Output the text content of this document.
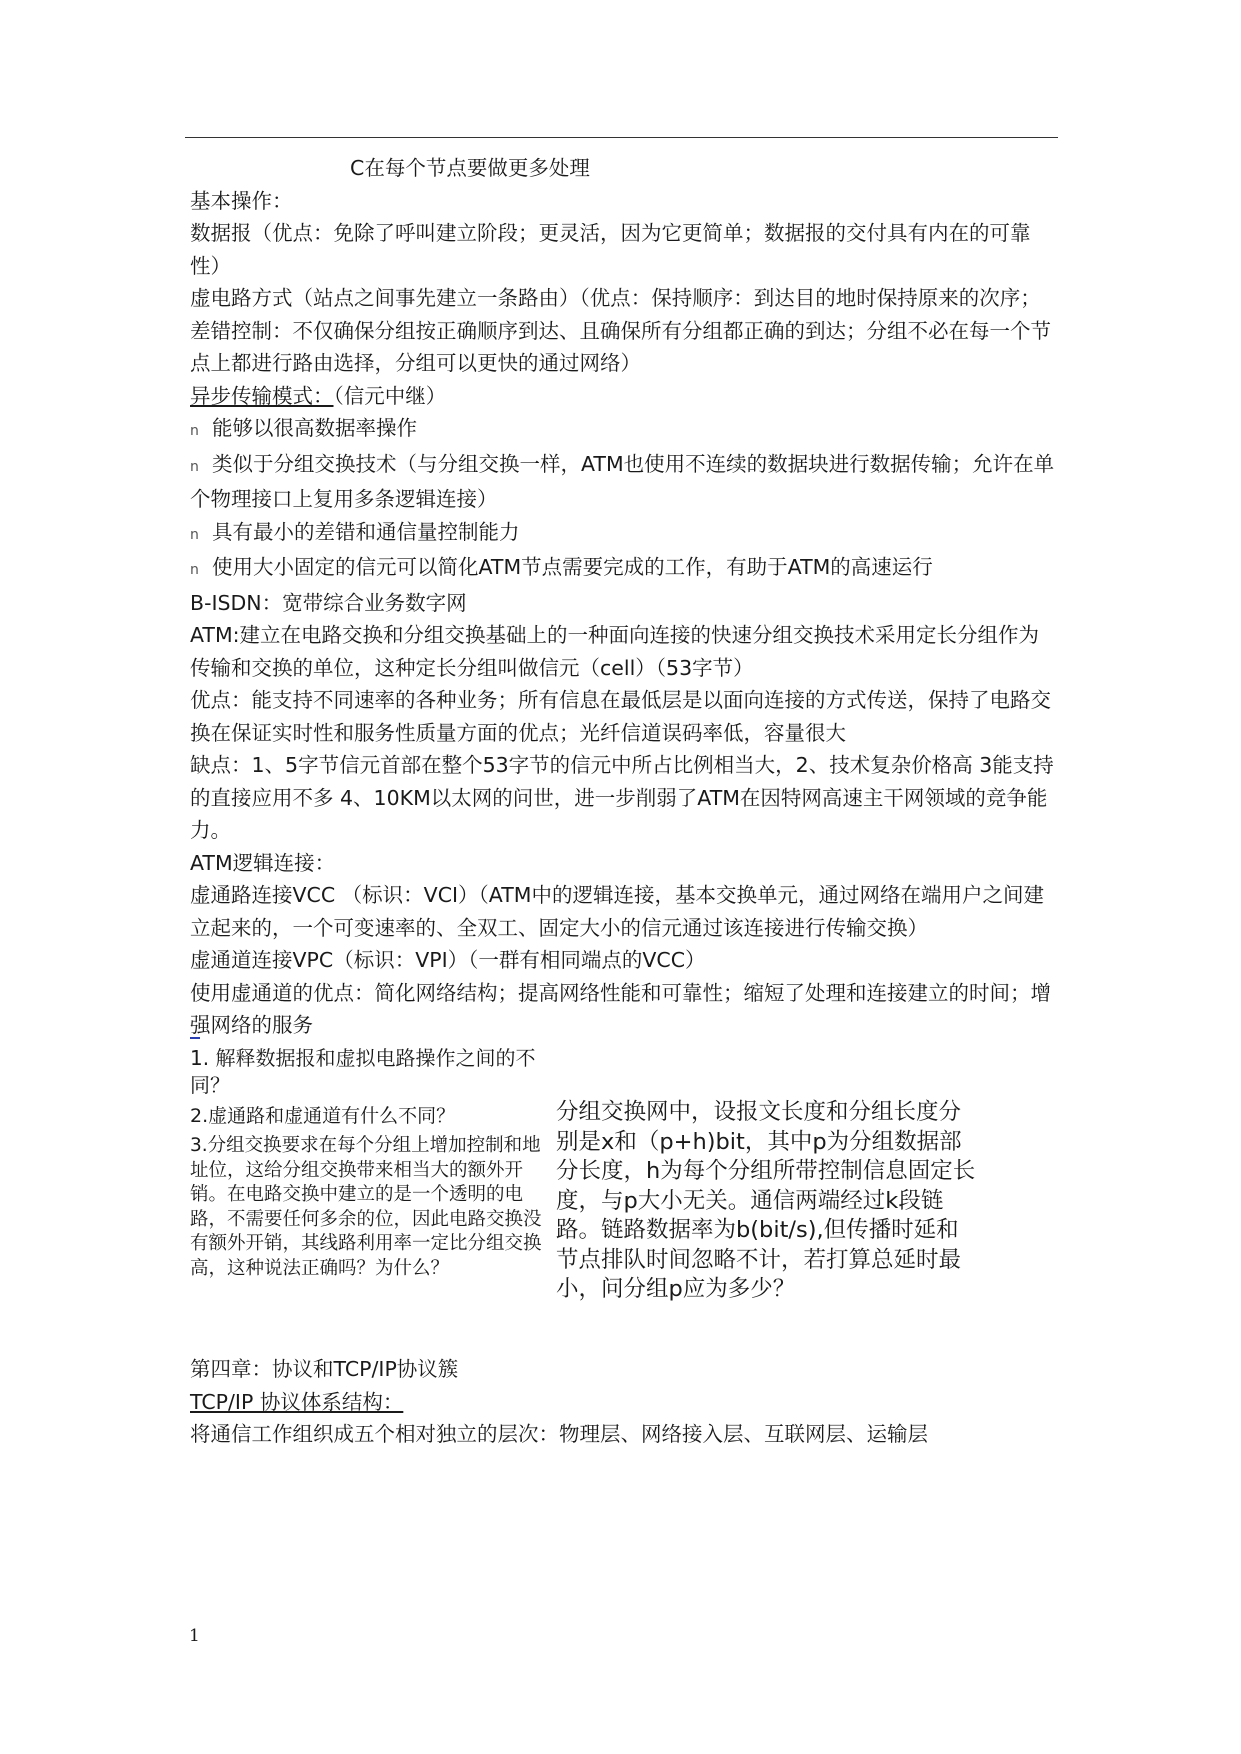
C在每个节点要做更多处理

基本操作：

数据报（优点：免除了呼叫建立阶段；更灵活，因为它更简单；数据报的交付具有内在的可靠性）

虚电路方式（站点之间事先建立一条路由）（优点：保持顺序：到达目的地时保持原来的次序；差错控制：不仅确保分组按正确顺序到达、且确保所有分组都正确的到达；分组不必在每一个节点上都进行路由选择，分组可以更快的通过网络）

异步传输模式：（信元中继）

n 能够以很高数据率操作

n 类似于分组交换技术（与分组交换一样，ATM也使用不连续的数据块进行数据传输；允许在单个物理接口上复用多条逻辑连接）

n 具有最小的差错和通信量控制能力

n 使用大小固定的信元可以简化ATM节点需要完成的工作，有助于ATM的高速运行

B-ISDN：宽带综合业务数字网

ATM:建立在电路交换和分组交换基础上的一种面向连接的快速分组交换技术采用定长分组作为传输和交换的单位，这种定长分组叫做信元（cell）（53字节）

优点：能支持不同速率的各种业务；所有信息在最低层是以面向连接的方式传送，保持了电路交换在保证实时性和服务性质量方面的优点；光纤信道误码率低，容量很大

缺点：1、5字节信元首部在整个53字节的信元中所占比例相当大，2、技术复杂价格高 3能支持的直接应用不多 4、10KM以太网的问世，进一步削弱了ATM在因特网高速主干网领域的竞争能力。

ATM逻辑连接：

虚通路连接VCC （标识：VCI）（ATM中的逻辑连接，基本交换单元，通过网络在端用户之间建立起来的，一个可变速率的、全双工、固定大小的信元通过该连接进行传输交换）

虚通道连接VPC（标识：VPI）（一群有相同端点的VCC）

使用虚通道的优点：简化网络结构；提高网络性能和可靠性；缩短了处理和连接建立的时间；增强网络的服务

1. 解释数据报和虚拟电路操作之间的不同？

2.虚通路和虚通道有什么不同？

3.分组交换要求在每个分组上增加控制和地址位，这给分组交换带来相当大的额外开销。在电路交换中建立的是一个透明的电路，不需要任何多余的位，因此电路交换没有额外开销，其线路利用率一定比分组交换高，这种说法正确吗？为什么？

分组交换网中，设报文长度和分组长度分别是x和（p+h)bit，其中p为分组数据部分长度，h为每个分组所带控制信息固定长度，与p大小无关。通信两端经过k段链路。链路数据率为b(bit/s),但传播时延和节点排队时间忽略不计，若打算总延时最小，问分组p应为多少？

第四章：协议和TCP/IP协议簇

TCP/IP 协议体系结构：

将通信工作组织成五个相对独立的层次：物理层、网络接入层、互联网层、运输层

1
